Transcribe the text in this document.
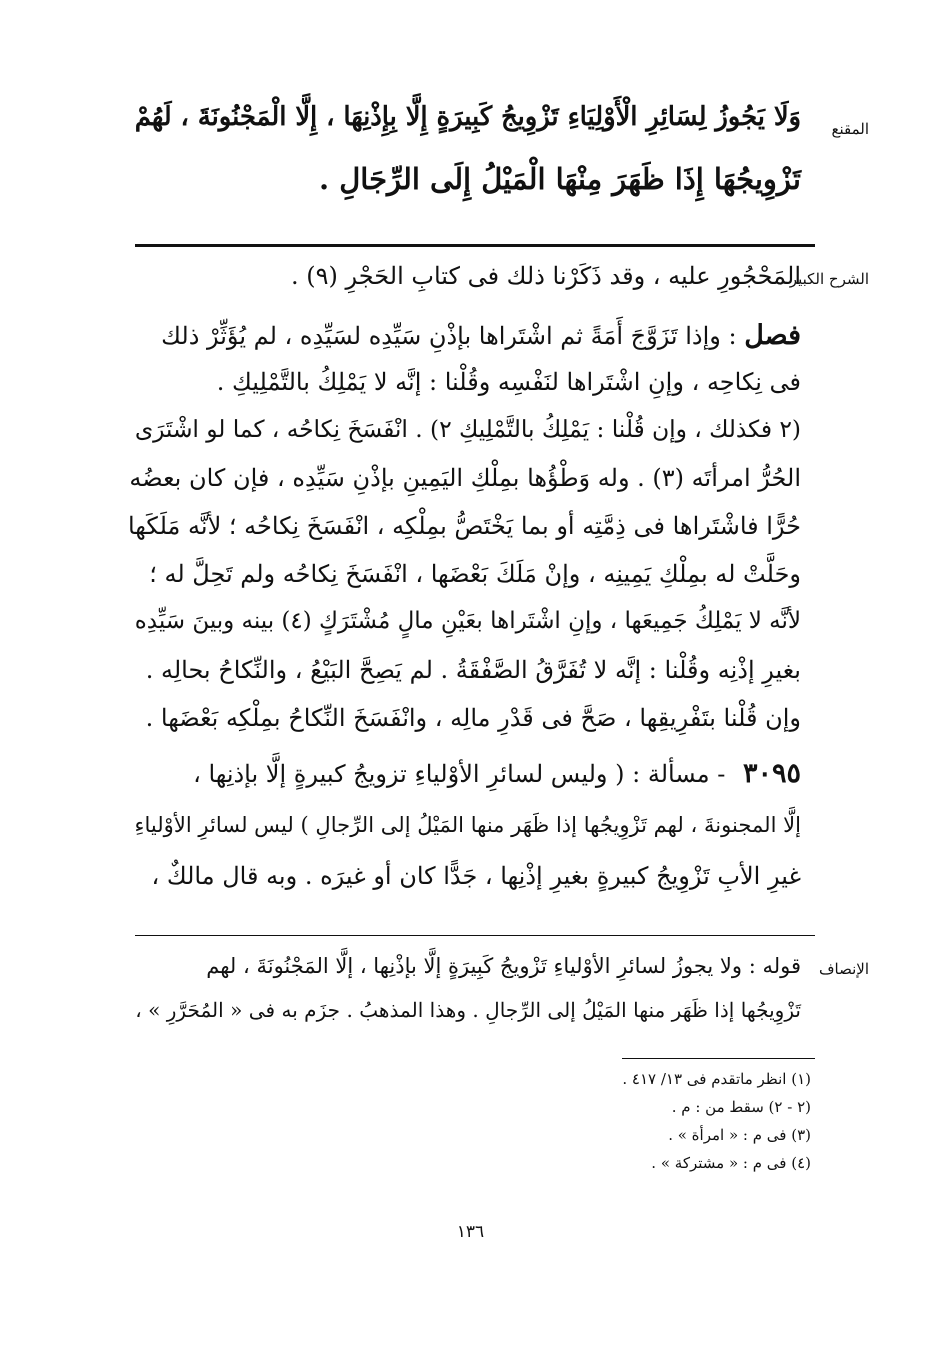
المقنع
وَلَا يَجُوزُ لِسَائِرِ الْأَوْلِيَاءِ تَزْوِيجُ كَبِيرَةٍ إِلَّا بِإِذْنِهَا ، إِلَّا الْمَجْنُونَةَ ، لَهُمْ
تَزْوِيجُهَا إِذَا ظَهَرَ مِنْهَا الْمَيْلُ إِلَى الرِّجَالِ .
الشرح الكبير
المَحْجُورِ عليه ، وقد ذَكَرْنا ذلك فى كتابِ الحَجْرِ (٩) .
فصل : وإذا تَزَوَّجَ أَمَةً ثم اشْتَراها بإذْنِ سَيِّدِه لسَيِّدِه ، لم يُؤَثِّرْ ذلك
فى نِكاحِه ، وإنِ اشْتَراها لنَفْسِه وقُلْنا : إنَّه لا يَمْلِكُ بالتَّمْلِيكِ .
(٢ فكذلك ، وإن قُلْنا : يَمْلِكُ بالتَّمْلِيكِ ٢) . انْفَسَخَ نِكاحُه ، كما لو اشْتَرَى
الحُرُّ امرأتَه (٣) . وله وَطْؤُها بمِلْكِ اليَمِينِ بإذْنِ سَيِّدِه ، فإن كان بعضُه
حُرًّا فاشْتَراها فى ذِمَّتِه أو بما يَخْتَصُّ بمِلْكِه ، انْفَسَخَ نِكاحُه ؛ لأنَّه مَلَكَها
وحَلَّتْ له بمِلْكِ يَمِينِه ، وإنْ مَلَكَ بَعْضَها ، انْفَسَخَ نِكاحُه ولم تَحِلَّ له ؛
لأنَّه لا يَمْلِكُ جَمِيعَها ، وإنِ اشْتَراها بعَيْنِ مالٍ مُشْتَرَكٍ (٤) بينه وبينَ سَيِّدِه
بغيرِ إذْنِه وقُلْنا : إنَّه لا تُفَرَّقُ الصَّفْقَةُ . لم يَصِحَّ البَيْعُ ، والنِّكاحُ بحالِه .
وإن قُلْنا بتَفْرِيقِها ، صَحَّ فى قَدْرِ مالِه ، وانْفَسَخَ النِّكاحُ بمِلْكِه بَعْضَها .
٣٠٩٥ - مسألة : ( وليس لسائرِ الأوْلياءِ تزويجُ كبيرةٍ إلَّا بإذنِها ،
إلَّا المجنونةَ ، لهم تَزْوِيجُها إذا ظَهَر منها المَيْلُ إلى الرِّجالِ ) ليس لسائرِ الأوْلياءِ
غيرِ الأبِ تَزْوِيجُ كبيرةٍ بغيرِ إذْنِها ، جَدًّا كان أو غيرَه . وبه قال مالكٌ ،
الإنصاف
قوله : ولا يجوزُ لسائرِ الأوْلياءِ تَزْويجُ كَبِيرَةٍ إلَّا بإذْنِها ، إلَّا المَجْنُونَةَ ، لهم
تَزْوِيجُها إذا ظَهَر منها المَيْلُ إلى الرِّجالِ . وهذا المذهبُ . جزَم به فى « المُحَرَّرِ » ،
(١) انظر ماتقدم فى ١٣/ ٤١٧ .
(٢ - ٢) سقط من : م .
(٣) فى م : « امرأة » .
(٤) فى م : « مشتركة » .
١٣٦
